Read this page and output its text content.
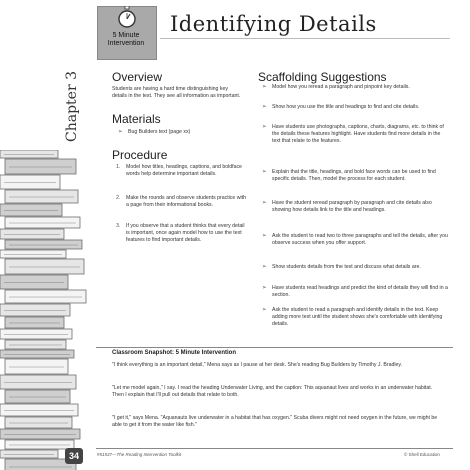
5 Minute Intervention
Identifying Details
Chapter 3
34
Overview
Students are having a hard time distinguishing key details in the text. They see all information as important.
Materials
➣	Bug Builders text (page xx)
Procedure
1.	Model how titles, headings, captions, and boldface words help determine important details.
2.	Make the rounds and observe students practice with a page from their informational books.
3.	If you observe that a student thinks that every detail is important, once again model how to use the text features to find important details.
Scaffolding Suggestions
➣	Model how you reread a paragraph and pinpoint key details.
➣	Show how you use the title and headings to find and cite details.
➣	Have students use photographs, captions, charts, diagrams, etc. to think of the details these features highlight. Have students find more details in the text that relate to the features.
➣	Explain that the title, headings, and bold face words can be used to find specific details. Then, model the process for each student.
➣	Have the student reread paragraph by paragraph and cite details also showing how details link to the title and headings.
➣	Ask the student to read two to three paragraphs and tell the details, after you observe success when you offer support.
➣	Show students details from the text and discuss what details are.
➣	Have students read headings and predict the kind of details they will find in a section.
➣	Ask the student to read a paragraph and identify details in the text. Keep adding more text until the student shows she's comfortable with identifying details.
Classroom Snapshot: 5 Minute Intervention
"I think everything is an important detail," Mena says as I pause at her desk. She's reading Bug Builders by Timothy J. Bradley.
"Let me model again," I say. I read the heading Underwater Living, and the caption: This aquanaut lives and works in an underwater habitat. Then I explain that I'll pull out details that relate to both.
"I get it," says Mena. "Aquanauts live underwater in a habitat that has oxygen." Scuba divers might not need oxygen in the future, we might be able to get it from the water like fish."
#51537—The Reading Intervention Toolkit	© Shell Education
